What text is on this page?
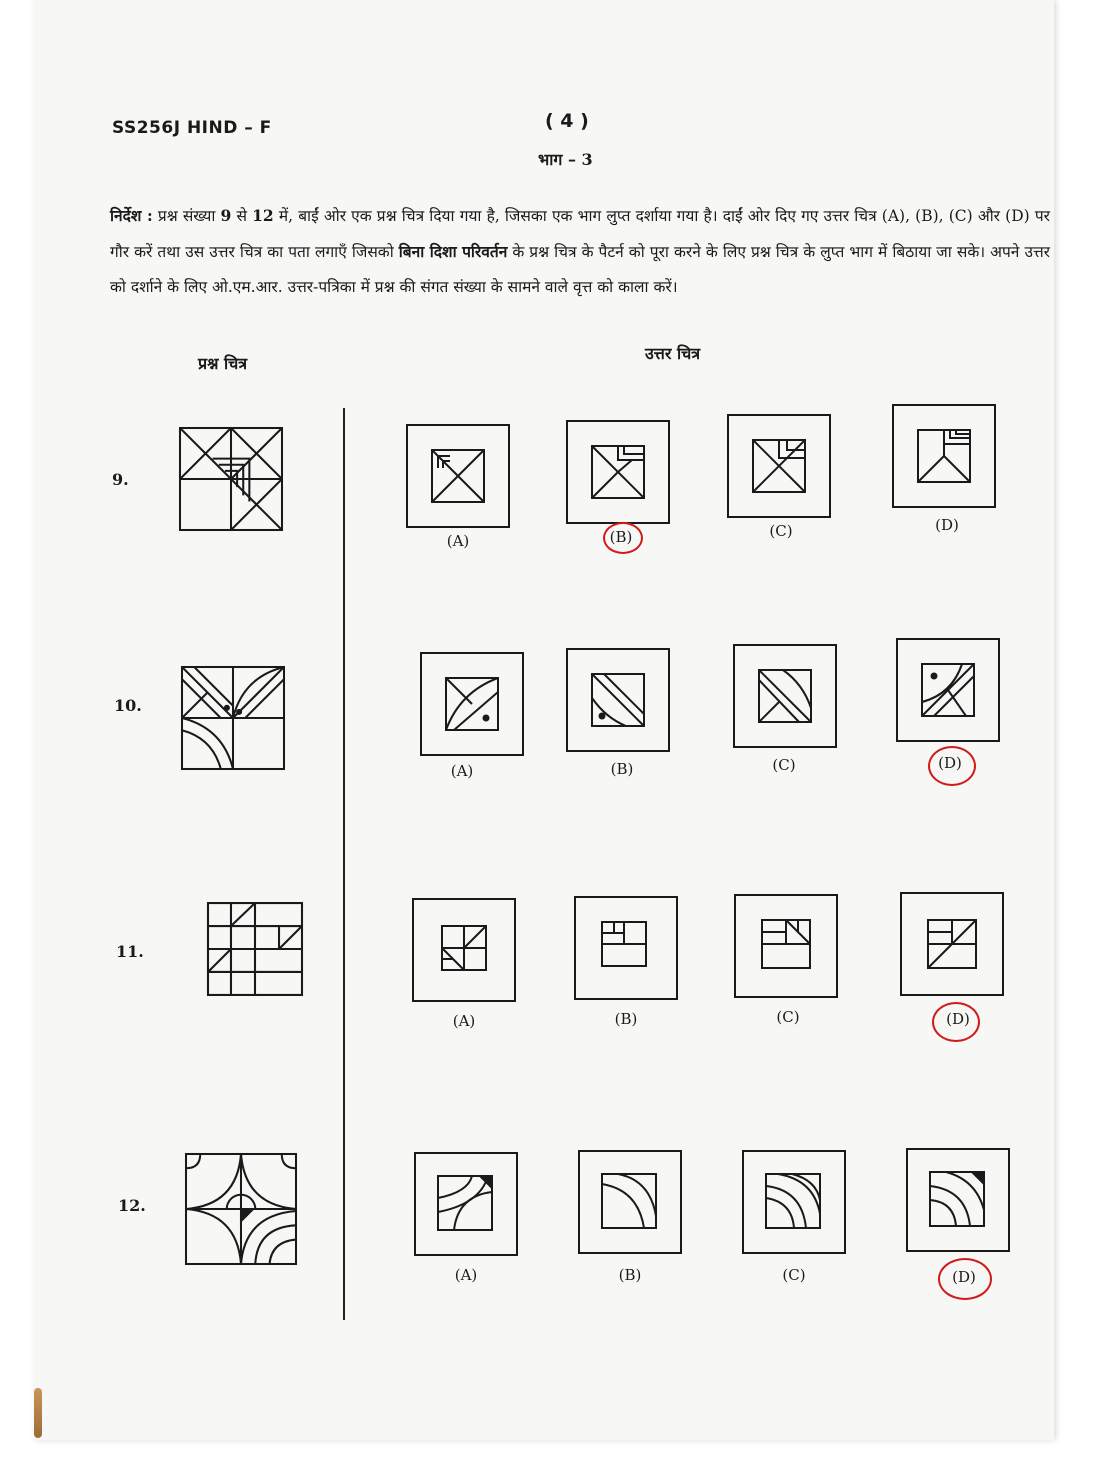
SS256J HIND – F	( 4 )
भाग – 3
निर्देश : प्रश्न संख्या 9 से 12 में, बाईं ओर एक प्रश्न चित्र दिया गया है, जिसका एक भाग लुप्त दर्शाया गया है। दाईं ओर दिए गए उत्तर चित्र (A), (B), (C) और (D) पर गौर करें तथा उस उत्तर चित्र का पता लगाएँ जिसको बिना दिशा परिवर्तन के प्रश्न चित्र के पैटर्न को पूरा करने के लिए प्रश्न चित्र के लुप्त भाग में बिठाया जा सके। अपने उत्तर को दर्शाने के लिए ओ.एम.आर. उत्तर-पत्रिका में प्रश्न की संगत संख्या के सामने वाले वृत्त को काला करें।
प्रश्न चित्र
उत्तर चित्र
9.
(A)	(B)	(C)	(D)
10.
(A)	(B)	(C)	(D)
11.
(A)	(B)	(C)	(D)
12.
(A)	(B)	(C)	(D)
